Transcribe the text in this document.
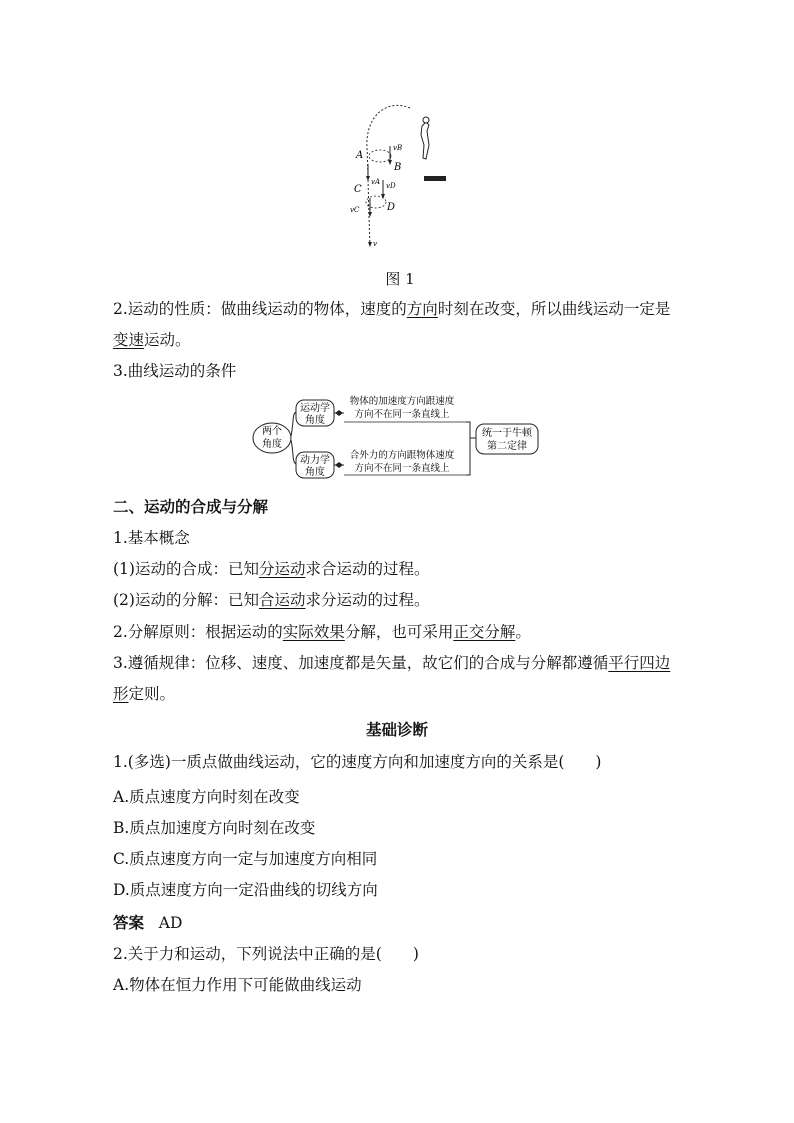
A
B
C
D
vB
vA vD
vC
v
图 1
2.运动的性质：做曲线运动的物体，速度的方向时刻在改变，所以曲线运动一定是
变速运动。
3.曲线运动的条件
两个
角度
运动学
角度
动力学
角度
物体的加速度方向跟速度
方向不在同一条直线上
合外力的方向跟物体速度
方向不在同一条直线上
统一于牛顿
第二定律
二、运动的合成与分解
1.基本概念
(1)运动的合成：已知分运动求合运动的过程。
(2)运动的分解：已知合运动求分运动的过程。
2.分解原则：根据运动的实际效果分解，也可采用正交分解。
3.遵循规律：位移、速度、加速度都是矢量，故它们的合成与分解都遵循平行四边
形定则。
基础诊断
1.(多选)一质点做曲线运动，它的速度方向和加速度方向的关系是(　　)
A.质点速度方向时刻在改变
B.质点加速度方向时刻在改变
C.质点速度方向一定与加速度方向相同
D.质点速度方向一定沿曲线的切线方向
答案 AD
2.关于力和运动，下列说法中正确的是(　　)
A.物体在恒力作用下可能做曲线运动
